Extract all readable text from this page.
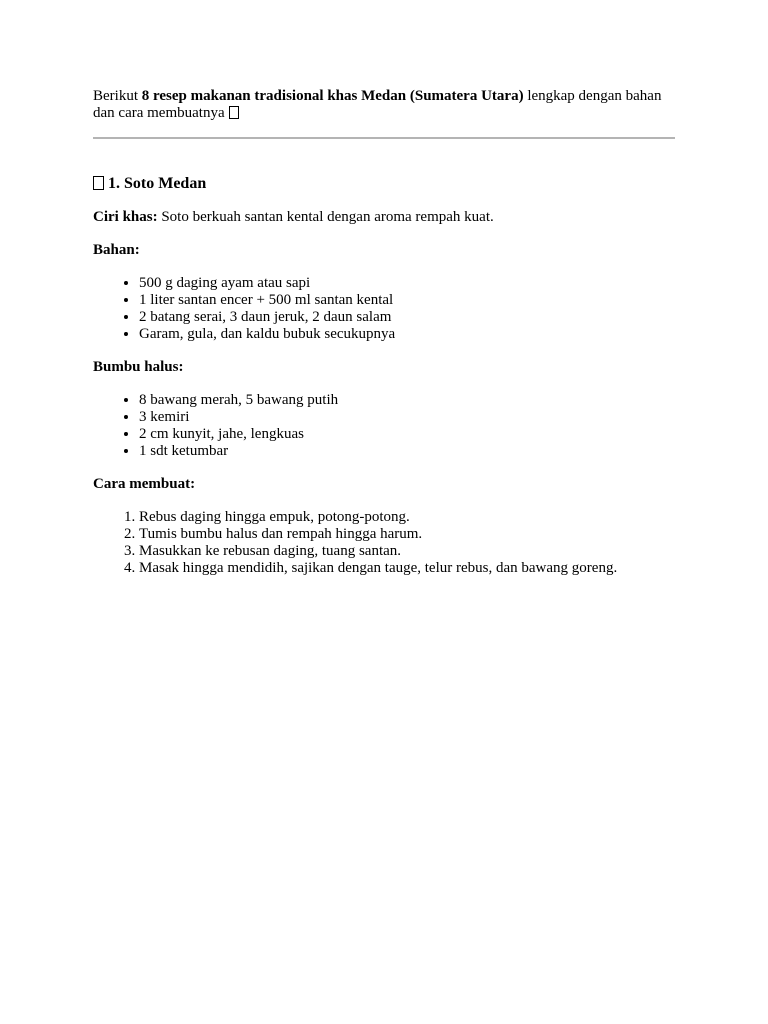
Berikut 8 resep makanan tradisional khas Medan (Sumatera Utara) lengkap dengan bahan dan cara membuatnya

1. Soto Medan

Ciri khas: Soto berkuah santan kental dengan aroma rempah kuat.

Bahan:

• 500 g daging ayam atau sapi
• 1 liter santan encer + 500 ml santan kental
• 2 batang serai, 3 daun jeruk, 2 daun salam
• Garam, gula, dan kaldu bubuk secukupnya

Bumbu halus:

• 8 bawang merah, 5 bawang putih
• 3 kemiri
• 2 cm kunyit, jahe, lengkuas
• 1 sdt ketumbar

Cara membuat:

1. Rebus daging hingga empuk, potong-potong.
2. Tumis bumbu halus dan rempah hingga harum.
3. Masukkan ke rebusan daging, tuang santan.
4. Masak hingga mendidih, sajikan dengan tauge, telur rebus, dan bawang goreng.
